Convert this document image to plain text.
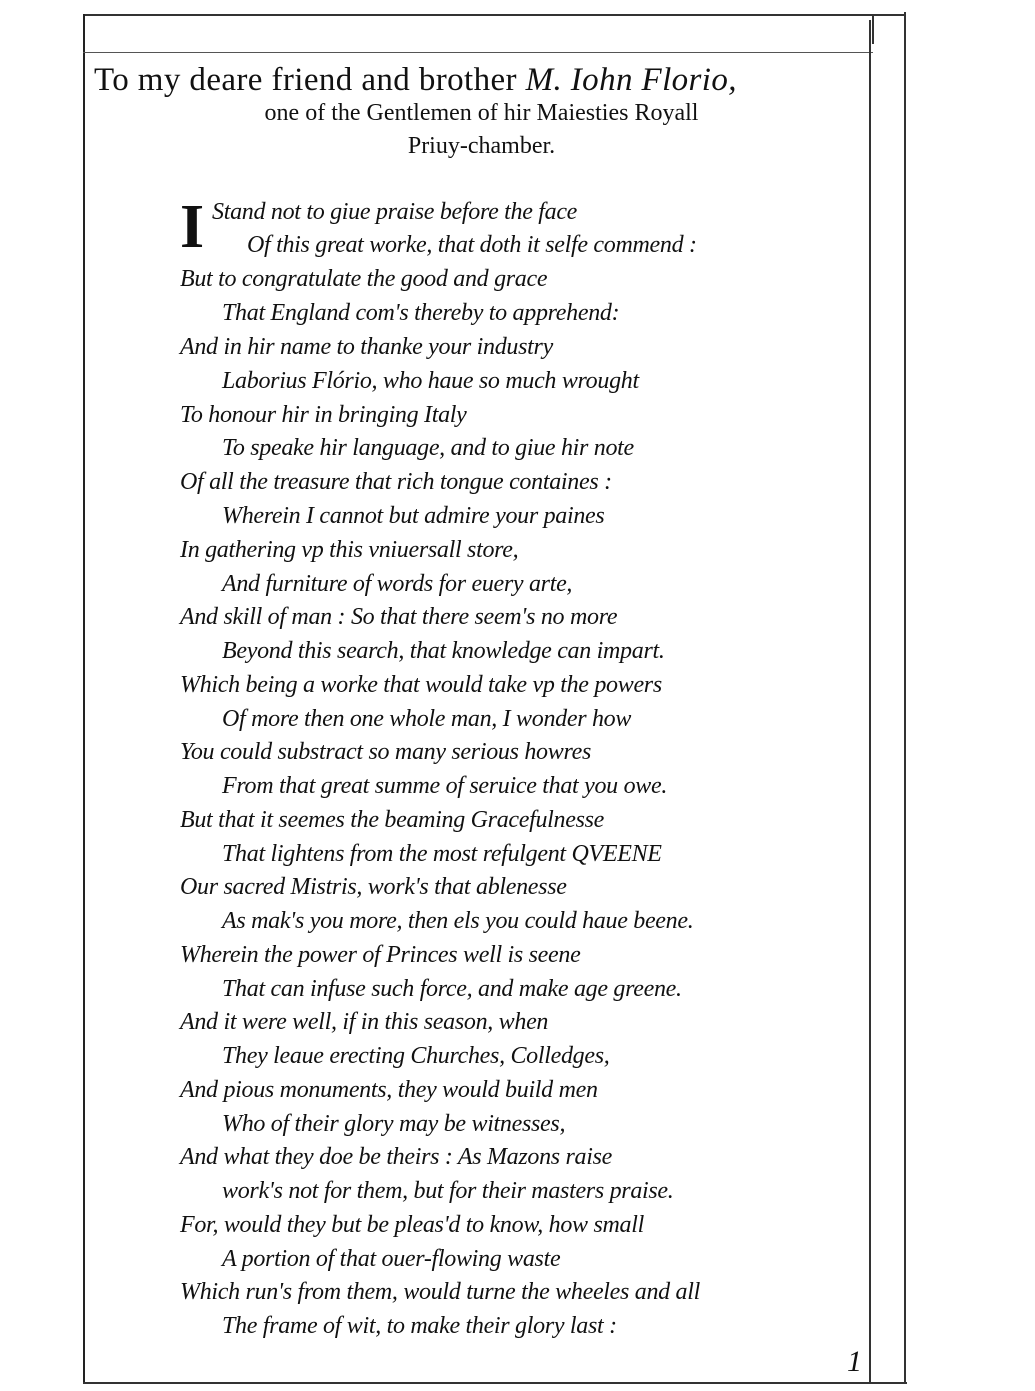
To my deare friend and brother M. Iohn Florio,
one of the Gentlemen of hir Maiesties Royall
Priuy-chamber.
I Stand not to giue praise before the face
Of this great worke, that doth it selfe commend :
But to congratulate the good and grace
That England com's thereby to apprehend:
And in hir name to thanke your industry
Laborius Flório, who haue so much wrought
To honour hir in bringing Italy
To speake hir language, and to giue hir note
Of all the treasure that rich tongue containes :
Wherein I cannot but admire your paines
In gathering vp this vniuersall store,
And furniture of words for euery arte,
And skill of man : So that there seem's no more
Beyond this search, that knowledge can impart.
Which being a worke that would take vp the powers
Of more then one whole man, I wonder how
You could substract so many serious howres
From that great summe of seruice that you owe.
But that it seemes the beaming Gracefulnesse
That lightens from the most refulgent QVEENE
Our sacred Mistris, work's that ablenesse
As mak's you more, then els you could haue beene.
Wherein the power of Princes well is seene
That can infuse such force, and make age greene.
And it were well, if in this season, when
They leaue erecting Churches, Colledges,
And pious monuments, they would build men
Who of their glory may be witnesses,
And what they doe be theirs : As Mazons raise
work's not for them, but for their masters praise.
For, would they but be pleas'd to know, how small
A portion of that ouer-flowing waste
Which run's from them, would turne the wheeles and all
The frame of wit, to make their glory last :
1
